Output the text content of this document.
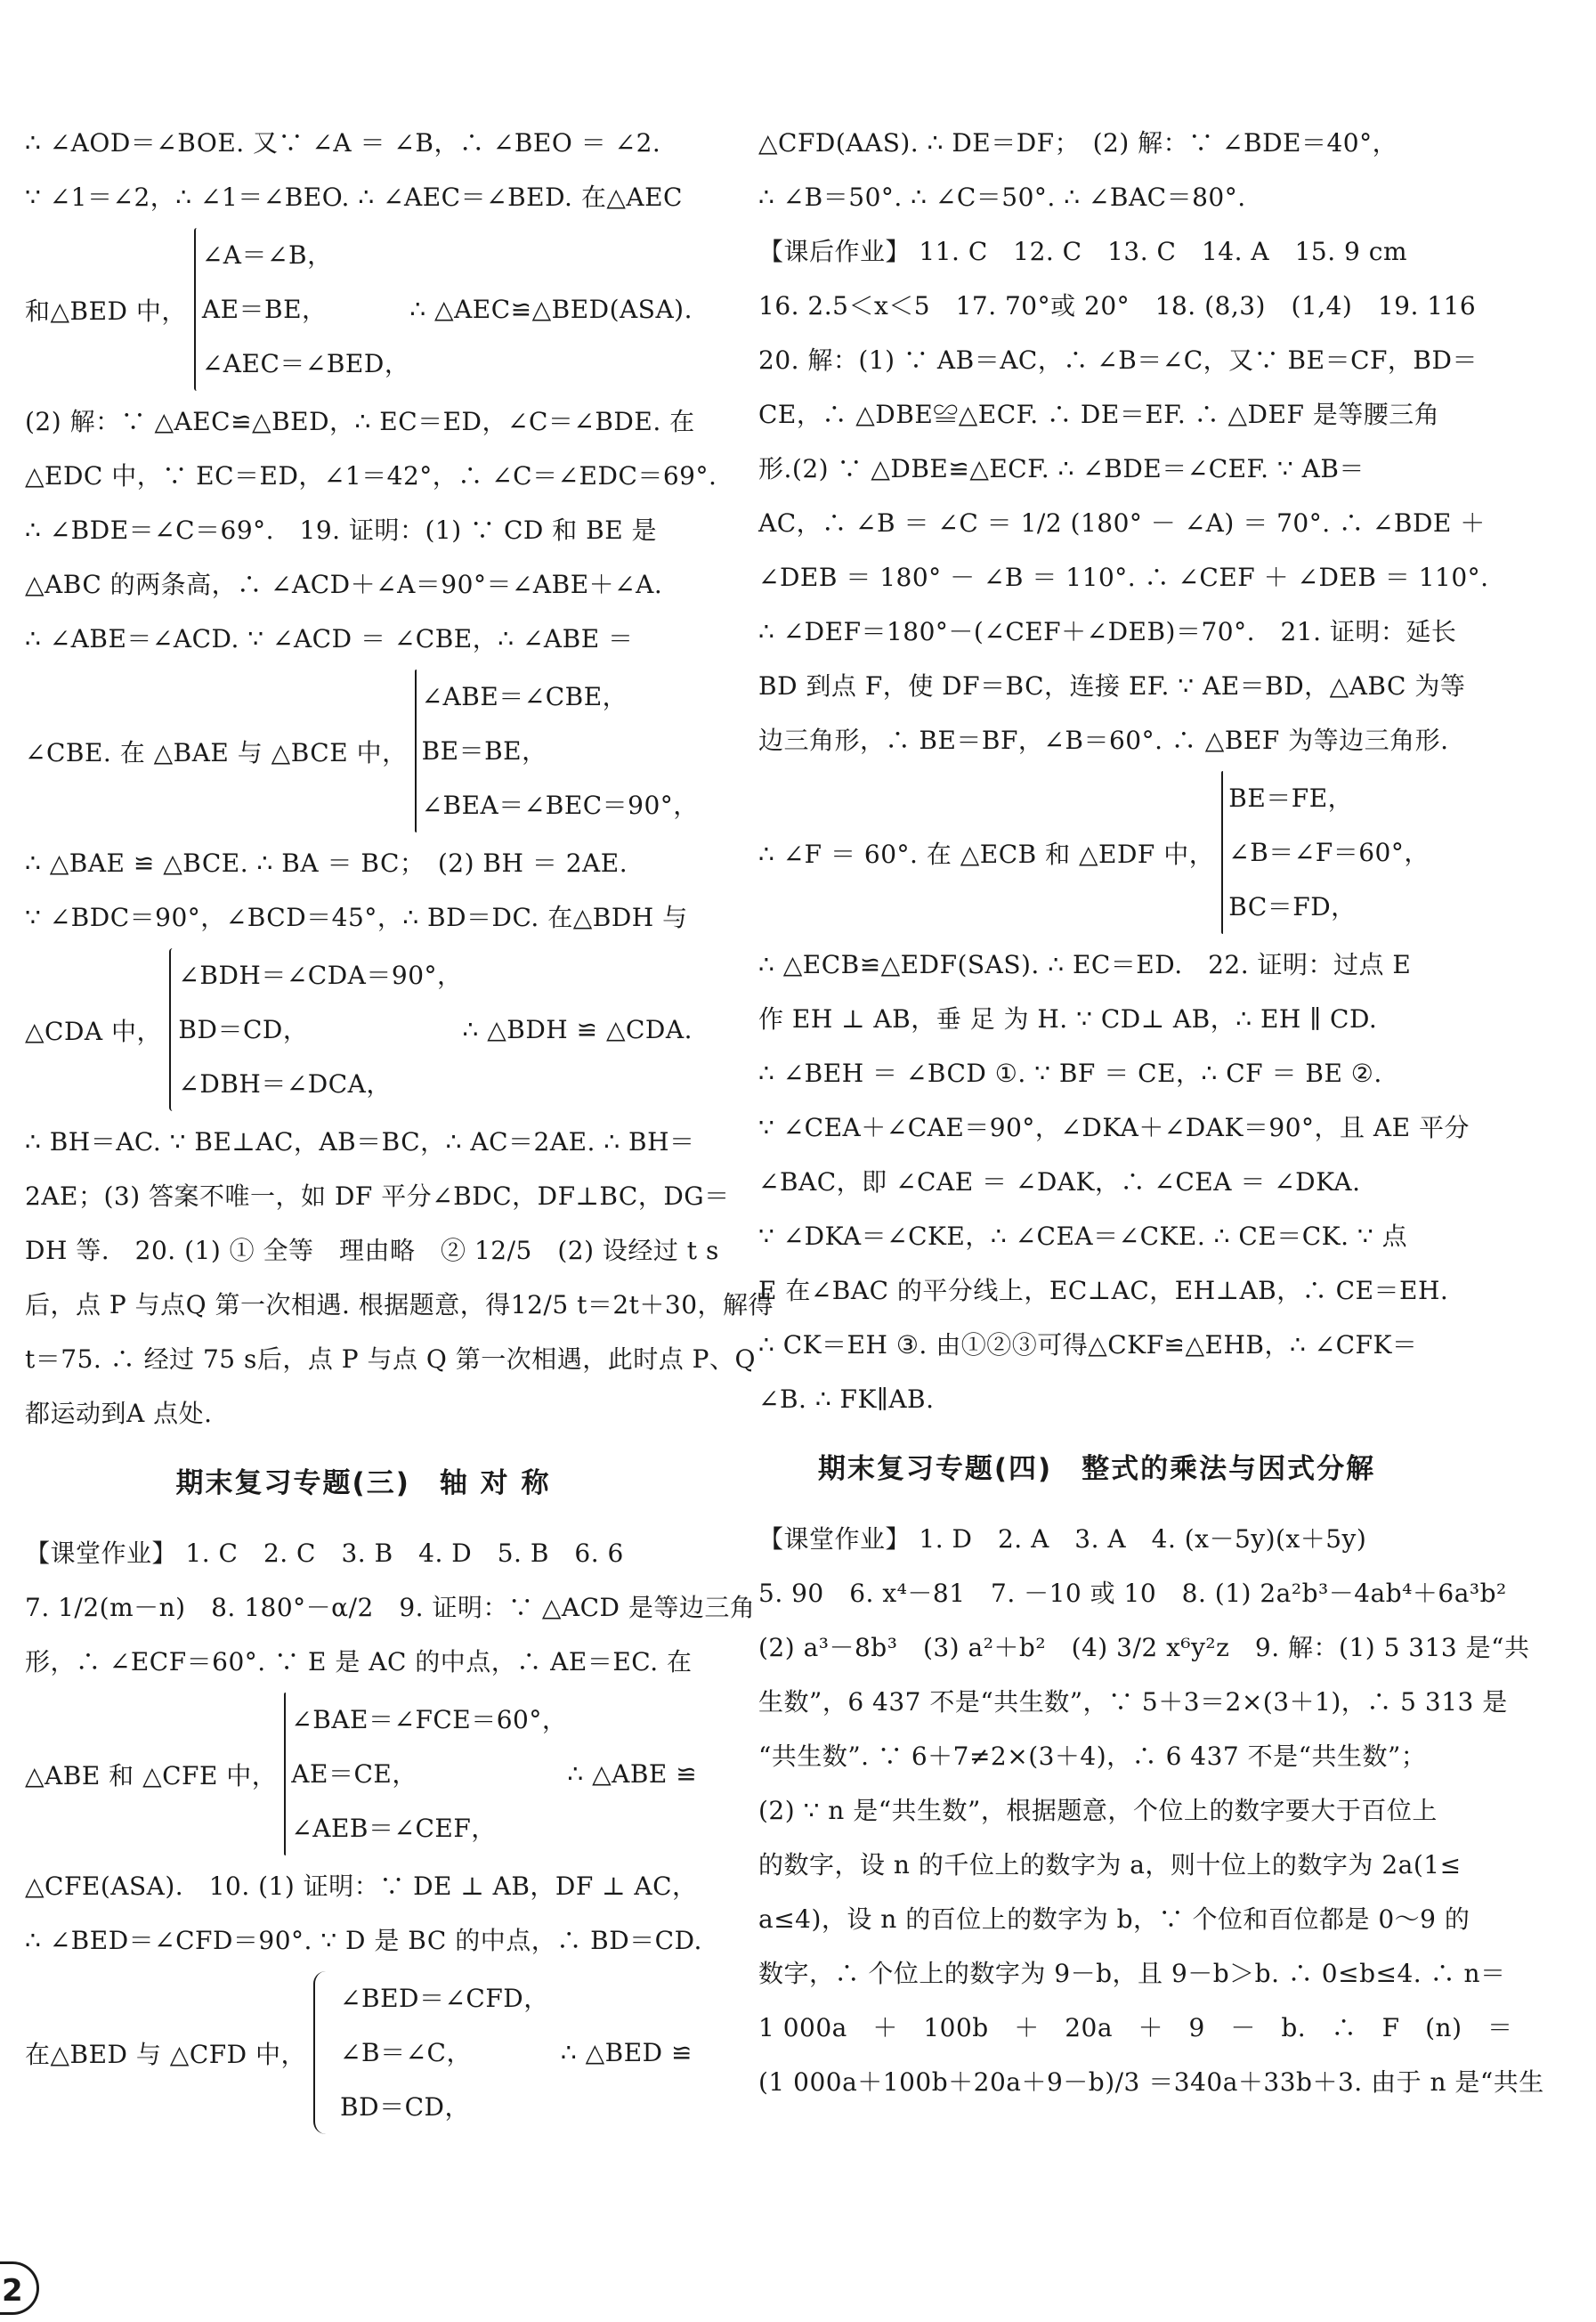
∴ ∠AOD＝∠BOE. 又∵ ∠A ＝ ∠B，∴ ∠BEO ＝ ∠2.
∵ ∠1＝∠2，∴ ∠1＝∠BEO. ∴ ∠AEC＝∠BED. 在△AEC
和△BED 中，
∠A＝∠B，
AE＝BE，
∠AEC＝∠BED，
∴ △AEC≌△BED(ASA).
(2) 解：∵ △AEC≌△BED，∴ EC＝ED，∠C＝∠BDE. 在
△EDC 中，∵ EC＝ED，∠1＝42°，∴ ∠C＝∠EDC＝69°.
∴ ∠BDE＝∠C＝69°.　19. 证明：(1) ∵ CD 和 BE 是
△ABC 的两条高，∴ ∠ACD＋∠A＝90°＝∠ABE＋∠A.
∴ ∠ABE＝∠ACD. ∵ ∠ACD ＝ ∠CBE，∴ ∠ABE ＝
∠CBE. 在 △BAE 与 △BCE 中，
∠ABE＝∠CBE，
BE＝BE，
∠BEA＝∠BEC＝90°，
∴ △BAE ≌ △BCE. ∴ BA ＝ BC；　(2) BH ＝ 2AE.
∵ ∠BDC＝90°，∠BCD＝45°，∴ BD＝DC. 在△BDH 与
△CDA 中，
∠BDH＝∠CDA＝90°，
BD＝CD，
∠DBH＝∠DCA，
∴ △BDH ≌ △CDA.
∴ BH＝AC. ∵ BE⊥AC，AB＝BC，∴ AC＝2AE. ∴ BH＝
2AE；(3) 答案不唯一，如 DF 平分∠BDC，DF⊥BC，DG＝
DH 等.　20. (1) ① 全等　理由略　② 12/5　(2) 设经过 t s
后，点 P 与点Q 第一次相遇. 根据题意，得12/5 t＝2t＋30，解得
t＝75. ∴ 经过 75 s后，点 P 与点 Q 第一次相遇，此时点 P、Q
都运动到A 点处.
期末复习专题(三)　轴 对 称
【课堂作业】 1. C　2. C　3. B　4. D　5. B　6. 6
7. 1/2(m－n)　8. 180°－α/2　9. 证明：∵ △ACD 是等边三角
形，∴ ∠ECF＝60°. ∵ E 是 AC 的中点，∴ AE＝EC. 在
△ABE 和 △CFE 中，
∠BAE＝∠FCE＝60°，
AE＝CE，
∠AEB＝∠CEF，
∴ △ABE ≌
△CFE(ASA).　10. (1) 证明：∵ DE ⊥ AB，DF ⊥ AC，
∴ ∠BED＝∠CFD＝90°. ∵ D 是 BC 的中点，∴ BD＝CD.
在△BED 与 △CFD 中，
∠BED＝∠CFD，
∠B＝∠C，
BD＝CD，
∴ △BED ≌
△CFD(AAS). ∴ DE＝DF；　(2) 解：∵ ∠BDE＝40°，
∴ ∠B＝50°. ∴ ∠C＝50°. ∴ ∠BAC＝80°.
【课后作业】 11. C　12. C　13. C　14. A　15. 9 cm
16. 2.5＜x＜5　17. 70°或 20°　18. (8,3)　(1,4)　19. 116
20. 解：(1) ∵ AB＝AC，∴ ∠B＝∠C，又∵ BE＝CF，BD＝
CE，∴ △DBE≌△ECF. ∴ DE＝EF. ∴ △DEF 是等腰三角
形.(2) ∵ △DBE≌△ECF. ∴ ∠BDE＝∠CEF. ∵ AB＝
AC，∴ ∠B ＝ ∠C ＝ 1/2 (180° － ∠A) ＝ 70°. ∴ ∠BDE ＋
∠DEB ＝ 180° － ∠B ＝ 110°. ∴ ∠CEF ＋ ∠DEB ＝ 110°.
∴ ∠DEF＝180°－(∠CEF＋∠DEB)＝70°.　21. 证明：延长
BD 到点 F，使 DF＝BC，连接 EF. ∵ AE＝BD，△ABC 为等
边三角形，∴ BE＝BF，∠B＝60°. ∴ △BEF 为等边三角形.
∴ ∠F ＝ 60°. 在 △ECB 和 △EDF 中，
BE＝FE，
∠B＝∠F＝60°，
BC＝FD，
∴ △ECB≌△EDF(SAS). ∴ EC＝ED.　22. 证明：过点 E
作 EH ⊥ AB，垂 足 为 H. ∵ CD⊥ AB，∴ EH ∥ CD.
∴ ∠BEH ＝ ∠BCD ①. ∵ BF ＝ CE，∴ CF ＝ BE ②.
∵ ∠CEA＋∠CAE＝90°，∠DKA＋∠DAK＝90°，且 AE 平分
∠BAC，即 ∠CAE ＝ ∠DAK，∴ ∠CEA ＝ ∠DKA.
∵ ∠DKA＝∠CKE，∴ ∠CEA＝∠CKE. ∴ CE＝CK. ∵ 点
E 在∠BAC 的平分线上，EC⊥AC，EH⊥AB，∴ CE＝EH.
∴ CK＝EH ③. 由①②③可得△CKF≌△EHB，∴ ∠CFK＝
∠B. ∴ FK∥AB.
期末复习专题(四)　整式的乘法与因式分解
【课堂作业】 1. D　2. A　3. A　4. (x－5y)(x＋5y)
5. 90　6. x⁴－81　7. －10 或 10　8. (1) 2a²b³－4ab⁴＋6a³b²
(2) a³－8b³　(3) a²＋b²　(4) 3/2 x⁶y²z　9. 解：(1) 5 313 是“共
生数”，6 437 不是“共生数”，∵ 5＋3＝2×(3＋1)，∴ 5 313 是
“共生数”. ∵ 6＋7≠2×(3＋4)，∴ 6 437 不是“共生数”；
(2) ∵ n 是“共生数”，根据题意，个位上的数字要大于百位上
的数字，设 n 的千位上的数字为 a，则十位上的数字为 2a(1≤
a≤4)，设 n 的百位上的数字为 b，∵ 个位和百位都是 0～9 的
数字，∴ 个位上的数字为 9－b，且 9－b＞b. ∴ 0≤b≤4. ∴ n＝
1 000a　＋　100b　＋　20a　＋　9　－　b.　∴　F　(n)　＝
(1 000a＋100b＋20a＋9－b)/3 ＝340a＋33b＋3. 由于 n 是“共生
2
